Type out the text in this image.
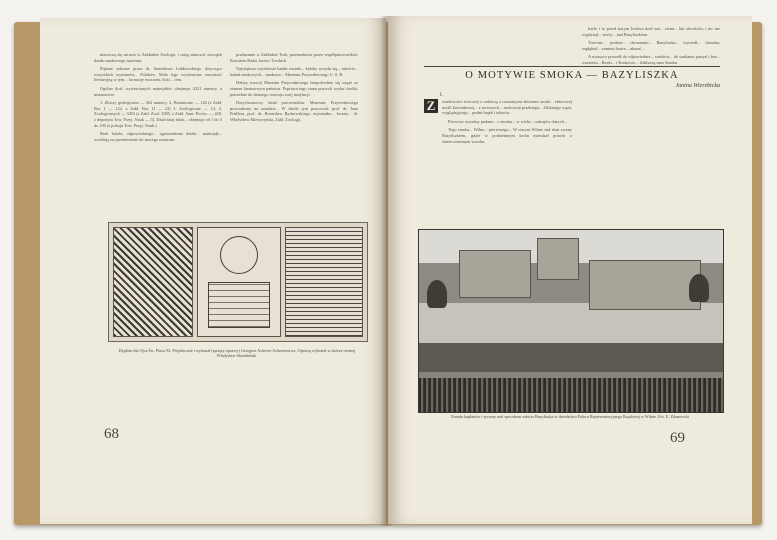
mieszczą się zarazie w Zakładzie Zoologii, i mają stanowić zaczątek działu naukowego muzeum.

Pięknie zebrane przez dr. Stanisława Lubkowskiego dotyczące wszystkich wymiarów... Polaków. Mało tego wystawiono zawartość herbaryjną w tym... formacje tworzeni, ilość... tem.

Ogólna ilość wystawionych materjałów obejmuje 4321 numery, a mianowicie:

1. Zbiory geologiczne — 562 numery, 2. Botaniczne — 142 (z Zakł. Bot. I — 122, z Zakł. Bot. II — 23) 3. Zoologiczne — 14, 4. Zoologicznych — 3453 (z Zakł. Zool. 3005, z Zakł. Anat. Porów. — 428, z depozytu Tow. Przyj. Nauk — 5). Dział tutaj zbiór... obejmuje od 1 do 5 do 100 (z pokoju Tow. Przyj. Nauk.)

Brak lokalu, odpowiedniego... zgromadzone dzieła... materjały... oczekują na przeniesienie do nowego muzeum.

przekazane w Zakładzie Trok, przemadzone przez współpracowników Komitetu Radzi Jasiow Troskich.

Największe trzydzieste badań zostało... byłaby toczyła się... mieście... badań naukowych... naukowe... Muzeum Przyrodniczego U. S. B.

Dalszy rozwój Muzeum Przyrodniczego bezpośrednio się wiąże ze stanem finansowym państwa. Poprawa tego stanu pozwoli wydać środki, potrzebne do dalszego rozwoju swej instytucji.

Dotychczasowy dział pracowników Muzeum: Przyrodniczego prowadzony na zasadzie... W dziele tym pracowali: prof. dr. Jana Prüffera, prof. dr. Bronisław Rydzewskiego, asystentka... kwiaty... dr. Władysław Mierzwyński, Zakł. Zoologji.

Dyplom dla Ojca Św. Piusa XI. Projektował i wykonał (sprzęty oprawy) Grzegorz Achrem-Achremowicz. Oprawę wykonał w skórze cieżnej Władysław Skrzebiński.
68
O MOTYWIE SMOKA — BAZYLISZKA
Janina Wierzbicka
I.
Z	wiadowości twórczej z radością z rozmaitymi zbiorami sztuki... zbiorowej myśli kierunkowej... z nowszych... zachowań przebiegu... Zdobnego węża, wyglądającego... podań bajek i tekstów.

Pierwszy wyraźny podane... o smoku... w wielu... rodzajów dużych...

Tego smoka... Wilno... pierwszego... W starym Wilnie stał dom zwany Bazyliszkiem, gdzie w podziemnym lochu mieszkał potwór o śmiercionośnym wzroku.

karle, i to przed starym Iochem dość zaś... ziemi... lub obrońców, i nic nie wypłynął... wieży... nad Bazyliszkiem.

Trzecim... podane... dworzanin... Bazyliszka... wyszedł... obrazka, zagłębiał... zamiast lustra... ukarać...

A uwasyce poszedł do odpowiednie... smoków... do szukania pustyń i bez... warzenia... Rzeki... i Krakowie... Zakluczą nasz Smoka.

Narada kapłanów i rycerzy nad sposobem zabicia Bazyliszka w dziedzińcu Pałacu Reprezentacyjnego Rządowej w Wilnie. Fot. E. Zdanowski
69
